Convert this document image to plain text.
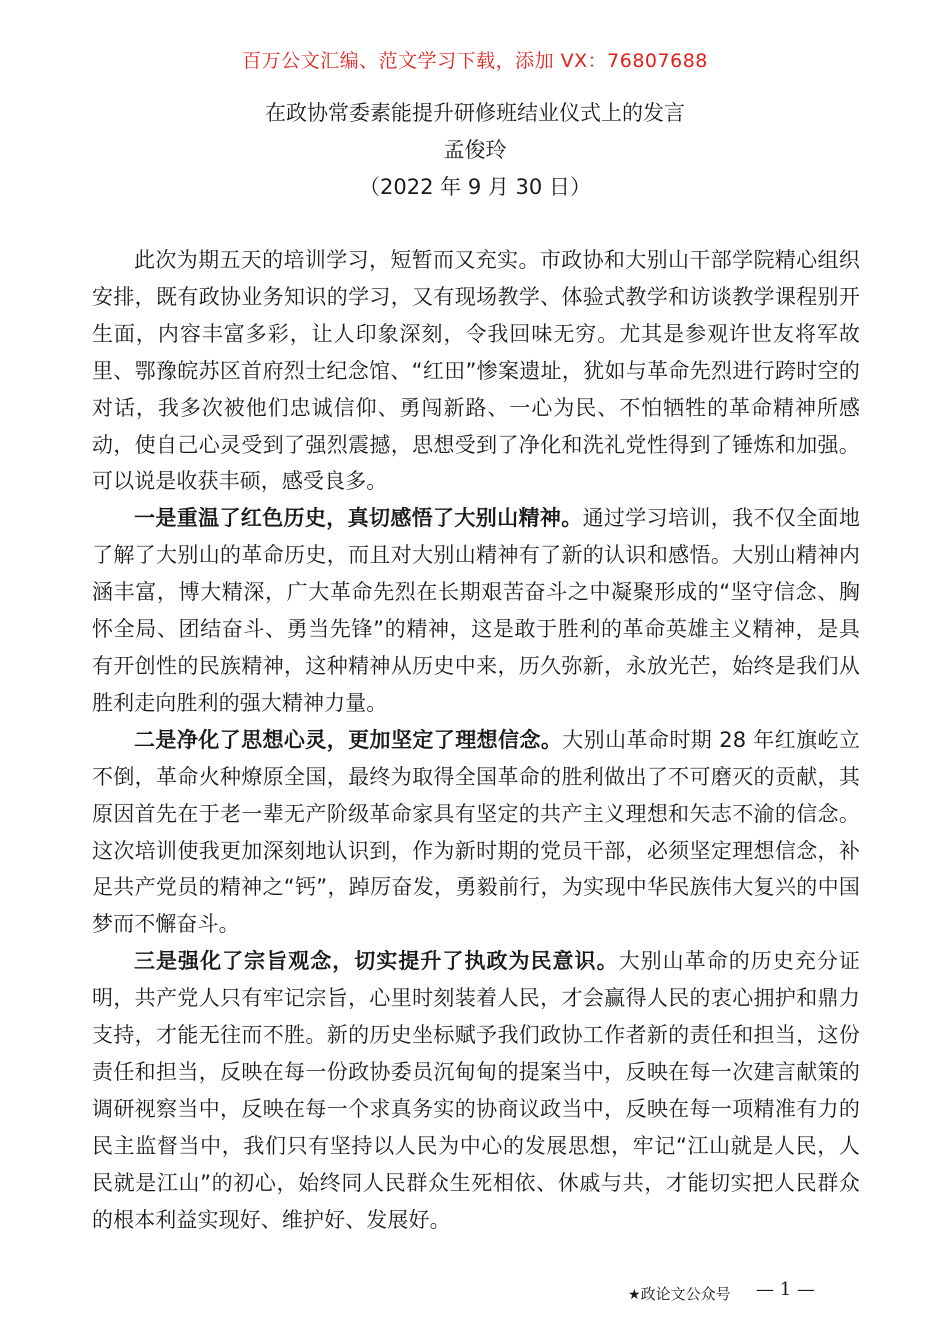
百万公文汇编、范文学习下载，添加 VX：76807688
在政协常委素能提升研修班结业仪式上的发言
孟俊玲
（2022 年 9 月 30 日）

此次为期五天的培训学习，短暂而又充实。市政协和大别山干部学院精心组织安排，既有政协业务知识的学习，又有现场教学、体验式教学和访谈教学课程别开生面，内容丰富多彩，让人印象深刻，令我回味无穷。尤其是参观许世友将军故里、鄂豫皖苏区首府烈士纪念馆、“红田”惨案遗址，犹如与革命先烈进行跨时空的对话，我多次被他们忠诚信仰、勇闯新路、一心为民、不怕牺牲的革命精神所感动，使自己心灵受到了强烈震撼，思想受到了净化和洗礼党性得到了锤炼和加强。可以说是收获丰硕，感受良多。

一是重温了红色历史，真切感悟了大别山精神。通过学习培训，我不仅全面地了解了大别山的革命历史，而且对大别山精神有了新的认识和感悟。大别山精神内涵丰富，博大精深，广大革命先烈在长期艰苦奋斗之中凝聚形成的“坚守信念、胸怀全局、团结奋斗、勇当先锋”的精神，这是敢于胜利的革命英雄主义精神，是具有开创性的民族精神，这种精神从历史中来，历久弥新，永放光芒，始终是我们从胜利走向胜利的强大精神力量。

二是净化了思想心灵，更加坚定了理想信念。大别山革命时期 28 年红旗屹立不倒，革命火种燎原全国，最终为取得全国革命的胜利做出了不可磨灭的贡献，其原因首先在于老一辈无产阶级革命家具有坚定的共产主义理想和矢志不渝的信念。这次培训使我更加深刻地认识到，作为新时期的党员干部，必须坚定理想信念，补足共产党员的精神之“钙”，踔厉奋发，勇毅前行，为实现中华民族伟大复兴的中国梦而不懈奋斗。

三是强化了宗旨观念，切实提升了执政为民意识。大别山革命的历史充分证明，共产党人只有牢记宗旨，心里时刻装着人民，才会赢得人民的衷心拥护和鼎力支持，才能无往而不胜。新的历史坐标赋予我们政协工作者新的责任和担当，这份责任和担当，反映在每一份政协委员沉甸甸的提案当中，反映在每一次建言献策的调研视察当中，反映在每一个求真务实的协商议政当中，反映在每一项精准有力的民主监督当中，我们只有坚持以人民为中心的发展思想，牢记“江山就是人民，人民就是江山”的初心，始终同人民群众生死相依、休戚与共，才能切实把人民群众的根本利益实现好、维护好、发展好。

★政论文公众号 — 1 —
